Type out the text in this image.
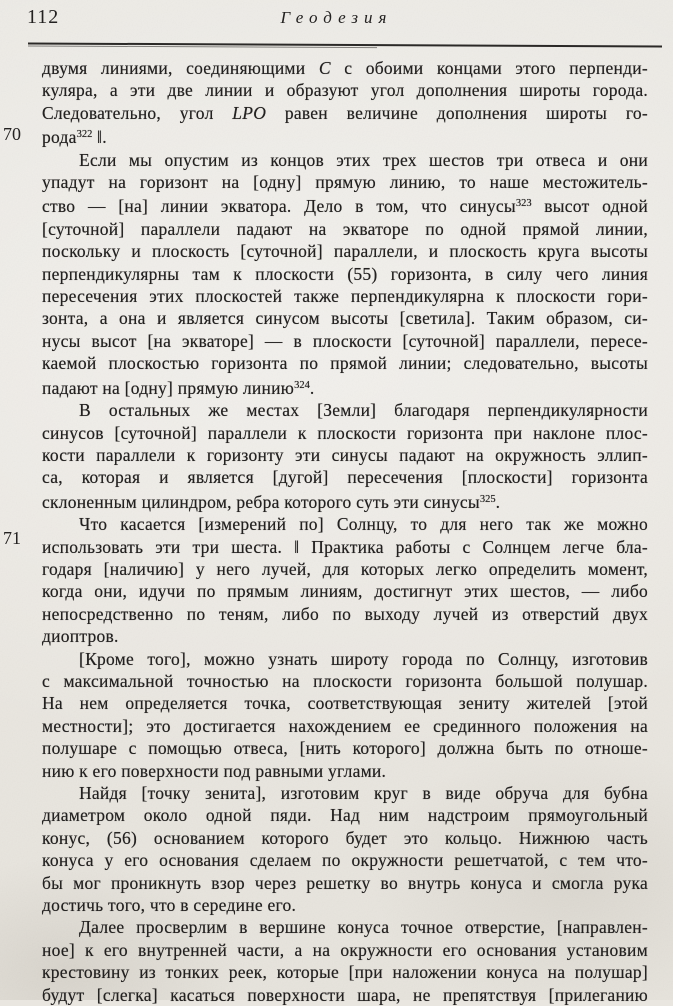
112	Геодезия
70
71
двумя линиями, соединяющими С с обоими концами этого перпенди-
куляра, а эти две линии и образуют угол дополнения широты города.
Следовательно, угол LPO равен величине дополнения широты го-
рода$^{322}$ ‖.
Если мы опустим из концов этих трех шестов три отвеса и они
упадут на горизонт на [одну] прямую линию, то наше местожитель-
ство — [на] линии экватора. Дело в том, что синусы$^{323}$ высот одной
[суточной] параллели падают на экваторе по одной прямой линии,
поскольку и плоскость [суточной] параллели, и плоскость круга высоты
перпендикулярны там к плоскости (55) горизонта, в силу чего линия
пересечения этих плоскостей также перпендикулярна к плоскости гори-
зонта, а она и является синусом высоты [светила]. Таким образом, си-
нусы высот [на экваторе] — в плоскости [суточной] параллели, пересе-
каемой плоскостью горизонта по прямой линии; следовательно, высоты
падают на [одну] прямую линию$^{324}$.
В остальных же местах [Земли] благодаря перпендикулярности
синусов [суточной] параллели к плоскости горизонта при наклоне плос-
кости параллели к горизонту эти синусы падают на окружность эллип-
са, которая и является [дугой] пересечения [плоскости] горизонта
склоненным цилиндром, ребра которого суть эти синусы$^{325}$.
Что касается [измерений по] Солнцу, то для него так же можно
использовать эти три шеста. ‖ Практика работы с Солнцем легче бла-
годаря [наличию] у него лучей, для которых легко определить момент,
когда они, идучи по прямым линиям, достигнут этих шестов, — либо
непосредственно по теням, либо по выходу лучей из отверстий двух
диоптров.
[Кроме того], можно узнать широту города по Солнцу, изготовив
с максимальной точностью на плоскости горизонта большой полушар.
На нем определяется точка, соответствующая зениту жителей [этой
местности]; это достигается нахождением ее срединного положения на
полушаре с помощью отвеса, [нить которого] должна быть по отноше-
нию к его поверхности под равными углами.
Найдя [точку зенита], изготовим круг в виде обруча для бубна
диаметром около одной пяди. Над ним надстроим прямоугольный
конус, (56) основанием которого будет это кольцо. Нижнюю часть
конуса у его основания сделаем по окружности решетчатой, с тем что-
бы мог проникнуть взор через решетку во внутрь конуса и смогла рука
достичь того, что в середине его.
Далее просверлим в вершине конуса точное отверстие, [направлен-
ное] к его внутренней части, а на окружности его основания установим
крестовину из тонких реек, которые [при наложении конуса на полушар]
будут [слегка] касаться поверхности шара, не препятствуя [прилеганию
